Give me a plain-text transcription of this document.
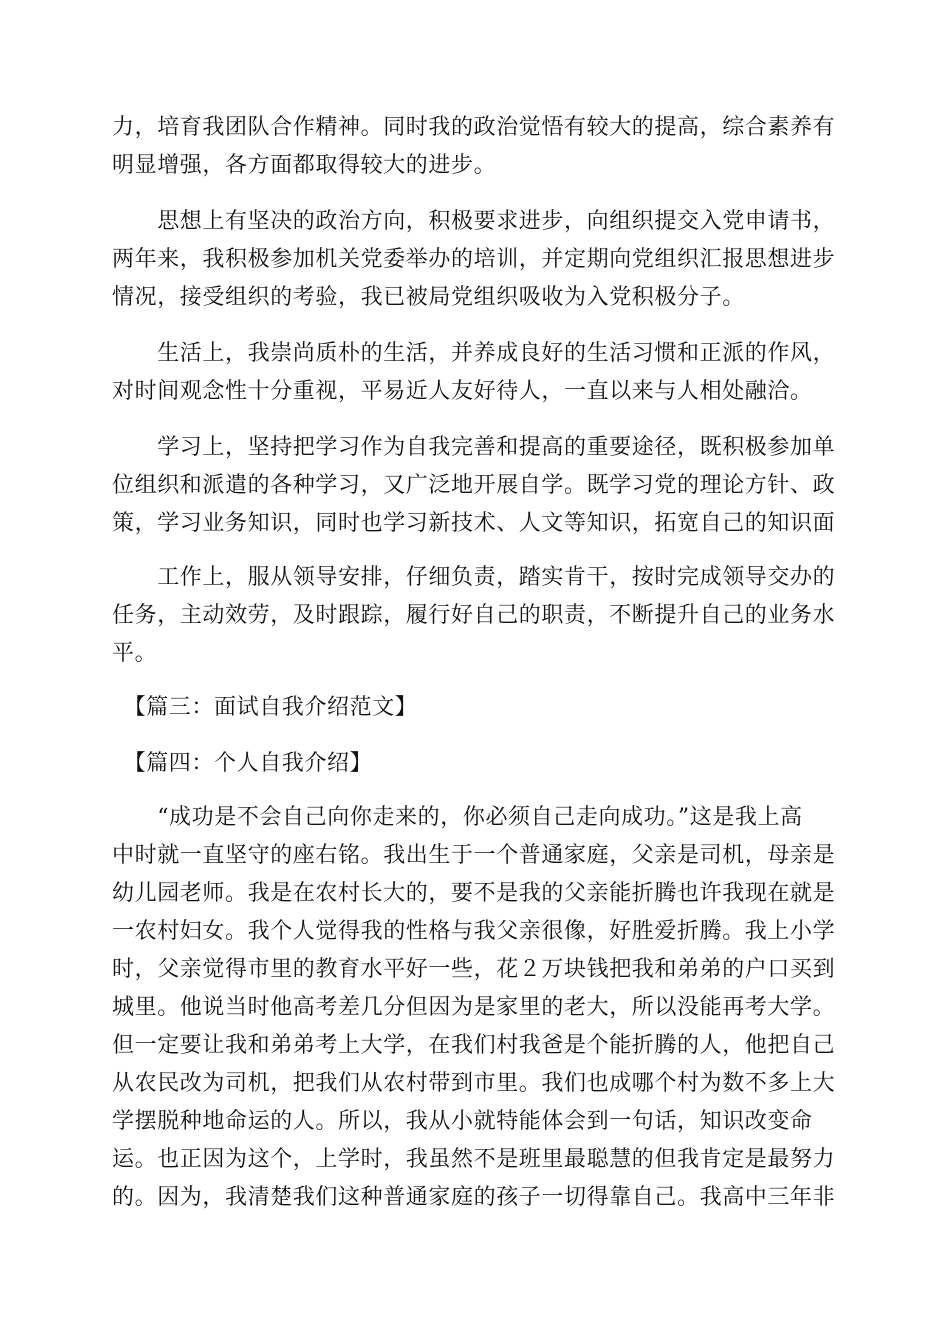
力，培育我团队合作精神。同时我的政治觉悟有较大的提高，综合素养有
明显增强，各方面都取得较大的进步。
　　思想上有坚决的政治方向，积极要求进步，向组织提交入党申请书，
两年来，我积极参加机关党委举办的培训，并定期向党组织汇报思想进步
情况，接受组织的考验，我已被局党组织吸收为入党积极分子。
　　生活上，我崇尚质朴的生活，并养成良好的生活习惯和正派的作风，
对时间观念性十分重视，平易近人友好待人，一直以来与人相处融洽。
　　学习上，坚持把学习作为自我完善和提高的重要途径，既积极参加单
位组织和派遣的各种学习，又广泛地开展自学。既学习党的理论方针、政
策，学习业务知识，同时也学习新技术、人文等知识，拓宽自己的知识面
　　工作上，服从领导安排，仔细负责，踏实肯干，按时完成领导交办的
任务，主动效劳，及时跟踪，履行好自己的职责，不断提升自己的业务水
平。
　【篇三：面试自我介绍范文】
　【篇四：个人自我介绍】
　　“成功是不会自己向你走来的，你必须自己走向成功。”这是我上高
中时就一直坚守的座右铭。我出生于一个普通家庭，父亲是司机，母亲是
幼儿园老师。我是在农村长大的，要不是我的父亲能折腾也许我现在就是
一农村妇女。我个人觉得我的性格与我父亲很像，好胜爱折腾。我上小学
时，父亲觉得市里的教育水平好一些，花２万块钱把我和弟弟的户口买到
城里。他说当时他高考差几分但因为是家里的老大，所以没能再考大学。
但一定要让我和弟弟考上大学，在我们村我爸是个能折腾的人，他把自己
从农民改为司机，把我们从农村带到市里。我们也成哪个村为数不多上大
学摆脱种地命运的人。所以，我从小就特能体会到一句话，知识改变命
运。也正因为这个，上学时，我虽然不是班里最聪慧的但我肯定是最努力
的。因为，我清楚我们这种普通家庭的孩子一切得靠自己。我高中三年非
